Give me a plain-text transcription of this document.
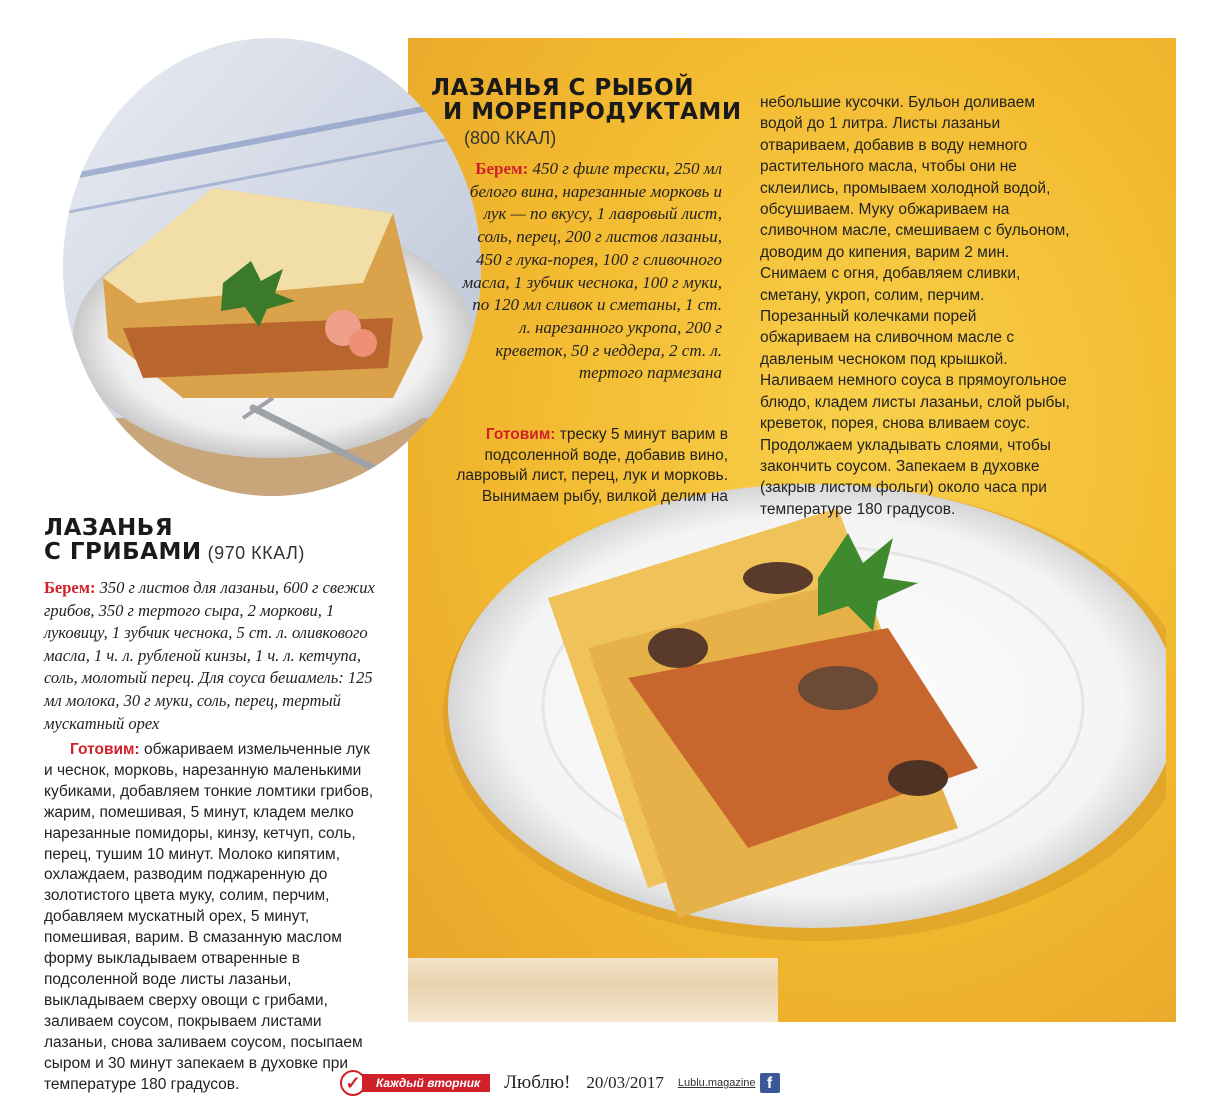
ЛАЗАНЬЯ С РЫБОЙ
И МОРЕПРОДУКТАМИ
(800 ККАЛ)
Берем: 450 г филе трески, 250 мл белого вина, нарезанные морковь и лук — по вкусу, 1 лавровый лист, соль, перец, 200 г листов лазаньи, 450 г лука-порея, 100 г сливочного масла, 1 зубчик чеснока, 100 г муки, по 120 мл сливок и сметаны, 1 ст. л. нарезанного укропа, 200 г креветок, 50 г чеддера, 2 ст. л. тертого пармезана
Готовим: треску 5 минут варим в подсоленной воде, добавив вино, лавровый лист, перец, лук и морковь. Вынимаем рыбу, вилкой делим на
небольшие кусочки. Бульон доливаем водой до 1 литра. Листы лазаньи отваривaем, добавив в воду немного растительного масла, чтобы они не склеились, промываем холодной водой, обсушиваем. Муку обжариваем на сливочном масле, смешиваем с бульоном, доводим до кипения, варим 2 мин. Снимаем с огня, добавляем сливки, сметану, укроп, солим, перчим. Порезанный колечками порей обжариваем на сливочном масле с давленым чесноком под крышкой. Наливаем немного соуса в прямоугольное блюдо, кладем листы лазаньи, слой рыбы, креветок, порея, снова вливаем соус. Продолжаем укладывать слоями, чтобы закончить соусом. Запекаем в духовке (закрыв листом фольги) около часа при температуре 180 градусов.
ЛАЗАНЬЯ
С ГРИБАМИ (970 ККАЛ)
Берем: 350 г листов для лазаньи, 600 г свежих грибов, 350 г тертого сыра, 2 моркови, 1 луковицу, 1 зубчик чеснока, 5 ст. л. оливкового масла, 1 ч. л. рубленой кинзы, 1 ч. л. кетчупа, соль, молотый перец. Для соуса бешамель: 125 мл молока, 30 г муки, соль, перец, тертый мускатный орех
Готовим: обжариваем измельченные лук и чеснок, морковь, нарезанную маленькими кубиками, добавляем тонкие ломтики грибов, жарим, помешивая, 5 минут, кладем мелко нарезанные помидоры, кинзу, кетчуп, соль, перец, тушим 10 минут. Молоко кипятим, охлаждаем, разводим поджаренную до золотистого цвета муку, солим, перчим, добавляем мускатный орех, 5 минут, помешивая, варим. В смазанную маслом форму выкладываем отваренные в подсоленной воде листы лазаньи, выкладываем сверху овощи с грибами, заливаем соусом, покрываем листами лазаньи, снова заливаем соусом, посыпаем сыром и 30 минут запекаем в духовке при температуре 180 градусов.	✓	Каждый вторник	Люблю! 20/03/2017 Lublu.magazine f
